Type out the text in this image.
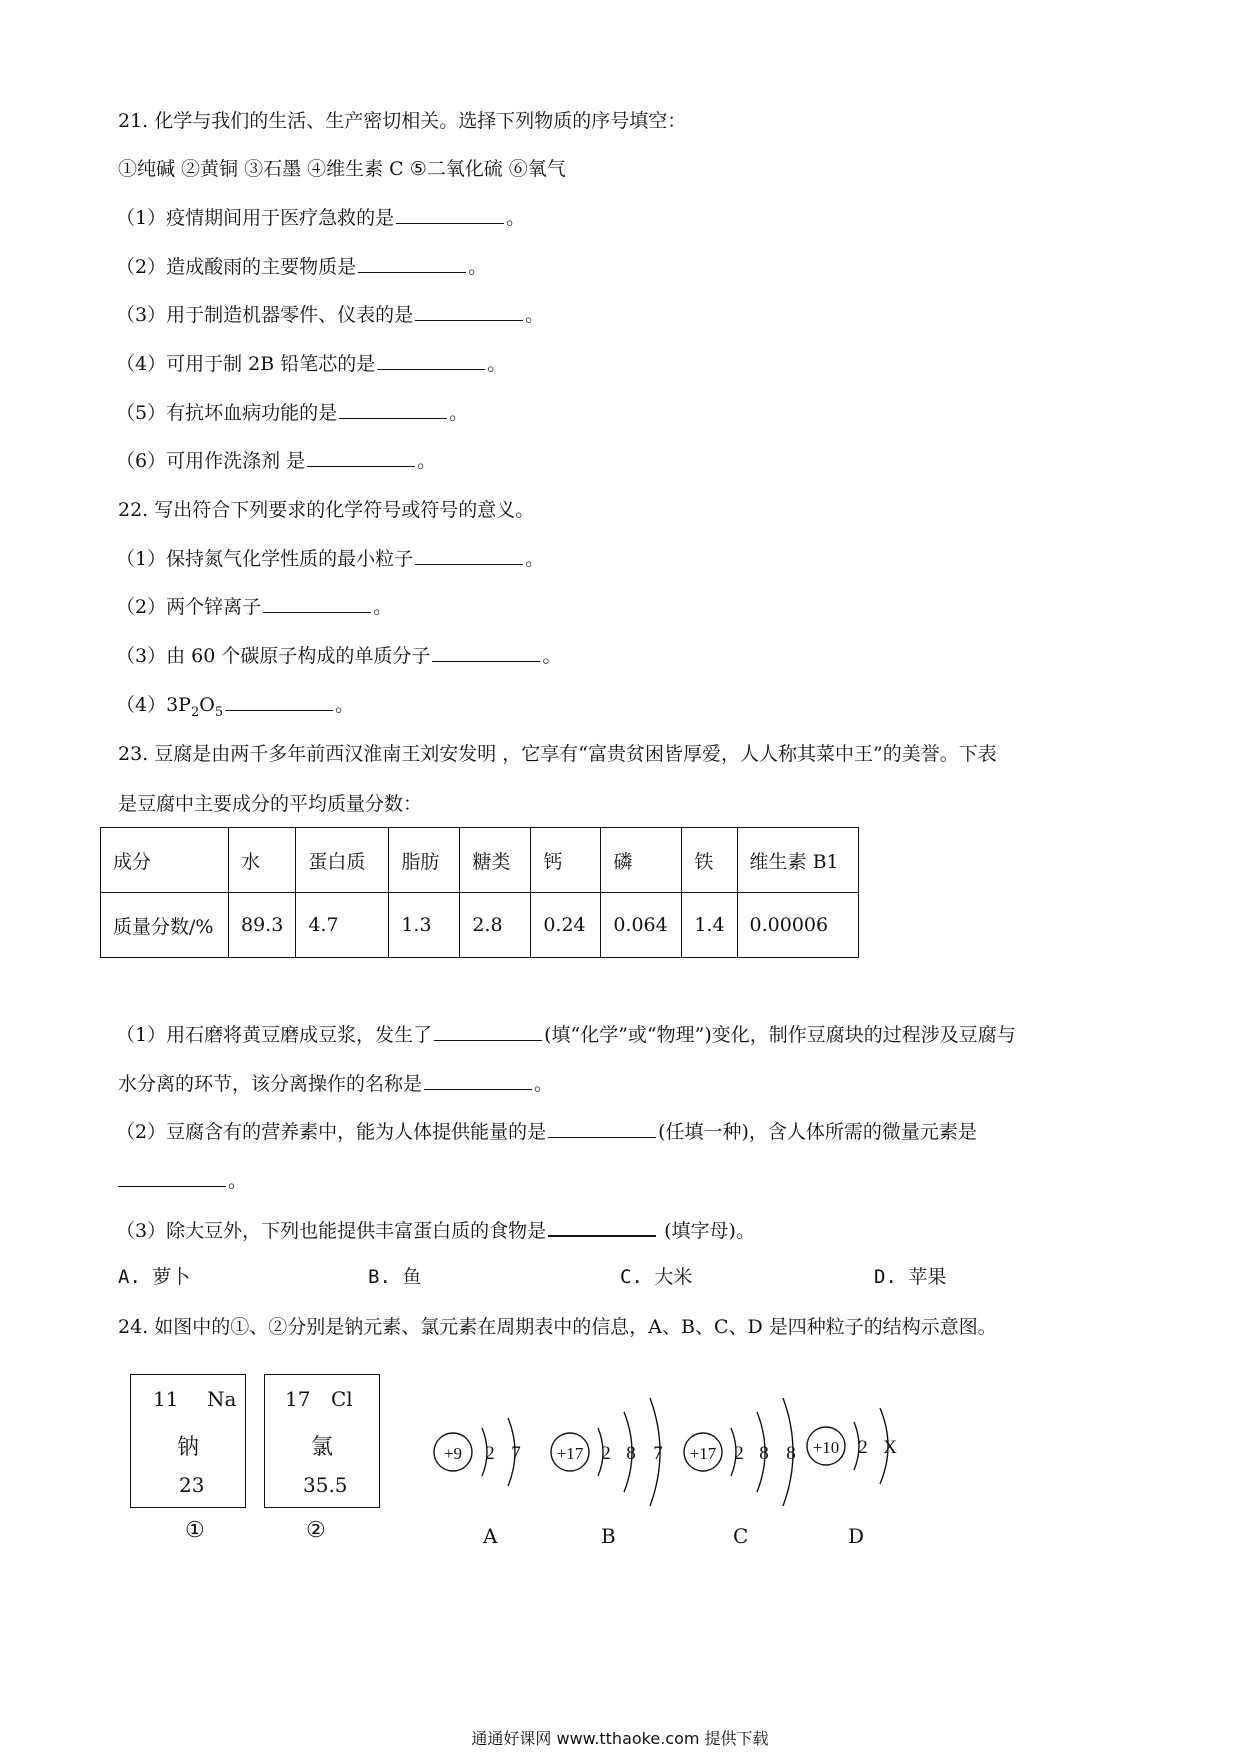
21. 化学与我们的生活、生产密切相关。选择下列物质的序号填空：
①纯碱 ②黄铜 ③石墨 ④维生素 C ⑤二氧化硫 ⑥氧气
（1）疫情期间用于医疗急救的是	。
（2）造成酸雨的主要物质是	。
（3）用于制造机器零件、仪表的是	。
（4）可用于制 2B 铅笔芯的是	。
（5）有抗坏血病功能的是	。
（6）可用作洗涤剂 是	。
22. 写出符合下列要求的化学符号或符号的意义。
（1）保持氮气化学性质的最小粒子	。
（2）两个锌离子	。
（3）由 60 个碳原子构成的单质分子	。
$(4)3P_2O_5$	。
23. 豆腐是由两千多年前西汉淮南王刘安发明 ，它享有“富贵贫困皆厚爱，人人称其菜中王”的美誉。下表
是豆腐中主要成分的平均质量分数：
成分	水	蛋白质	脂肪	糖类	钙	磷	铁	维生素 B1
质量分数/%	89.3	4.7	1.3	2.8	0.24	0.064	1.4	0.00006
（1）用石磨将黄豆磨成豆浆，发生了	(填“化学”或“物理”)变化，制作豆腐块的过程涉及豆腐与
水分离的环节，该分离操作的名称是	。
（2）豆腐含有的营养素中，能为人体提供能量的是	(任填一种)，含人体所需的微量元素是
。
（3）除大豆外，下列也能提供丰富蛋白质的食物是	(填字母)。
A. 萝卜	B. 鱼	C. 大米	D. 苹果
24. 如图中的①、②分别是钠元素、氯元素在周期表中的信息，A、B、C、D 是四种粒子的结构示意图。
11 Na
钠
23
17 Cl
氯
35.5
①	②
+9 2 7 +17 2 8 7 +17 2 8 8 +10 2 X
A	B	C	D
通通好课网 www.tthaoke.com 提供下载
